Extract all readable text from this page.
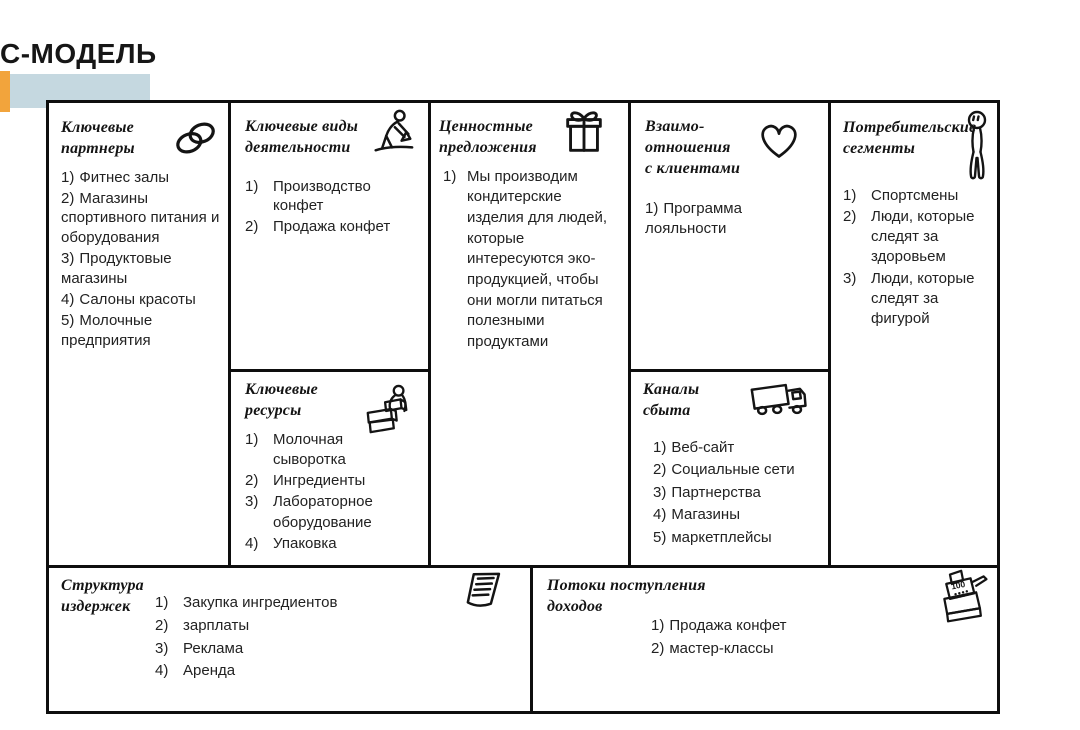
С-МОДЕЛЬ
Ключевые
партнеры

1) Фитнес залы

2) Магазины спортивного питания и оборудования

3) Продуктовые магазины

4) Салоны красоты

5) Молочные предприятия

Ключевые виды
деятельности
1) Производство конфет
2) Продажа конфет
Ключевые
ресурсы
1) Молочная сыворотка
2) Ингредиенты
3) Лабораторное оборудование
4) Упаковка
Ценностные
предложения
1) Мы производим кондитерские изделия для людей, которые интересуются эко-продукцией, чтобы они могли питаться полезными продуктами
Взаимо-
отношения
с клиентами

1) Программа лояльности

Каналы
сбыта

1) Веб-сайт

2) Социальные сети

3) Партнерства

4) Магазины

5) маркетплейсы

Потребительские
сегменты
1) Спортсмены
2) Люди, которые следят за здоровьем
3) Люди, которые следят за фигурой
Структура
издержек	1) Закупка ингредиентов
2) зарплаты
3) Реклама
4) Аренда
Потоки поступления
доходов
100

1) Продажа конфет

2) мастер-классы
